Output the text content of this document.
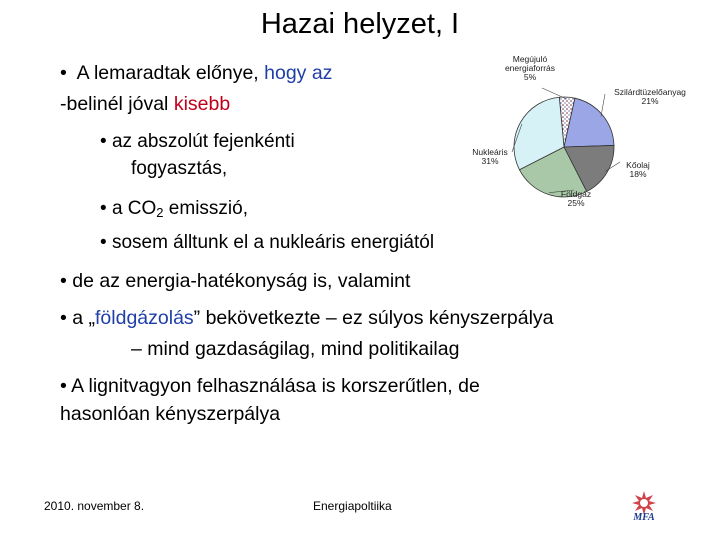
Hazai helyzet, I
• A lemaradtak előnye, hogy az
-belinél jóval kisebb
• az abszolút fejenkénti
fogyasztás,
• a $CO_2$ emisszió,
• sosem álltunk el a nukleáris energiától
• de az energia-hatékonyság is, valamint
• a „földgázolás” bekövetkezte – ez súlyos kényszerpálya
– mind gazdaságilag, mind politikailag
• A lignitvagyon felhasználása is korszerűtlen, de
hasonlóan kényszerpálya
Megújuló
energiaforrás
5%
Szilárdtüzelőanyag
21%
Kőolaj
18%
Földgáz
25%
Nukleáris
31%
2010. november 8.	Energiapoltiika
MFA
